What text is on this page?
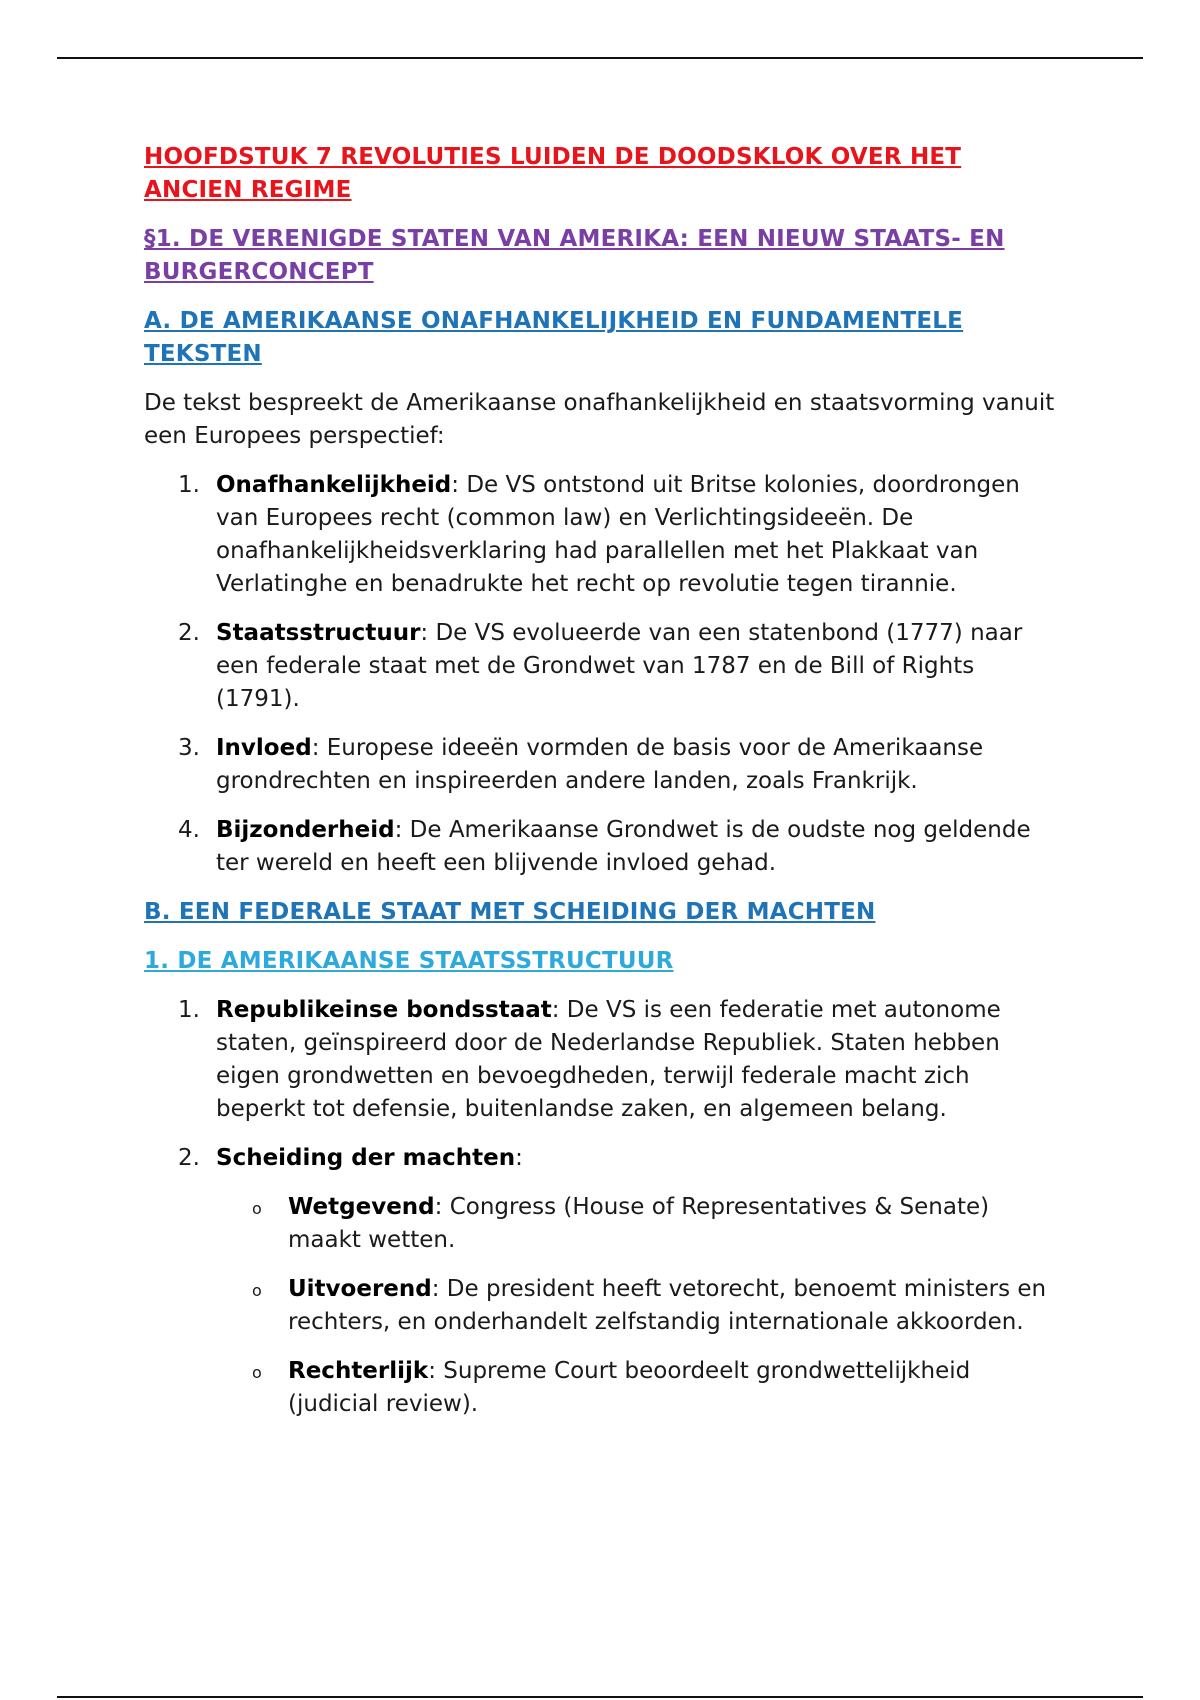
HOOFDSTUK 7 REVOLUTIES LUIDEN DE DOODSKLOK OVER HET ANCIEN REGIME
§1. DE VERENIGDE STATEN VAN AMERIKA: EEN NIEUW STAATS- EN BURGERCONCEPT
A. DE AMERIKAANSE ONAFHANKELIJKHEID EN FUNDAMENTELE TEKSTEN

De tekst bespreekt de Amerikaanse onafhankelijkheid en staatsvorming vanuit een Europees perspectief:

1. Onafhankelijkheid: De VS ontstond uit Britse kolonies, doordrongen van Europees recht (common law) en Verlichtingsideeën. De onafhankelijkheidsverklaring had parallellen met het Plakkaat van Verlatinghe en benadrukte het recht op revolutie tegen tirannie.
2. Staatsstructuur: De VS evolueerde van een statenbond (1777) naar een federale staat met de Grondwet van 1787 en de Bill of Rights (1791).
3. Invloed: Europese ideeën vormden de basis voor de Amerikaanse grondrechten en inspireerden andere landen, zoals Frankrijk.
4. Bijzonderheid: De Amerikaanse Grondwet is de oudste nog geldende ter wereld en heeft een blijvende invloed gehad.
B. EEN FEDERALE STAAT MET SCHEIDING DER MACHTEN
1. DE AMERIKAANSE STAATSSTRUCTUUR
1. Republikeinse bondsstaat: De VS is een federatie met autonome staten, geïnspireerd door de Nederlandse Republiek. Staten hebben eigen grondwetten en bevoegdheden, terwijl federale macht zich beperkt tot defensie, buitenlandse zaken, en algemeen belang.
2. Scheiding der machten:
o Wetgevend: Congress (House of Representatives & Senate) maakt wetten.
o Uitvoerend: De president heeft vetorecht, benoemt ministers en rechters, en onderhandelt zelfstandig internationale akkoorden.
o Rechterlijk: Supreme Court beoordeelt grondwettelijkheid (judicial review).
